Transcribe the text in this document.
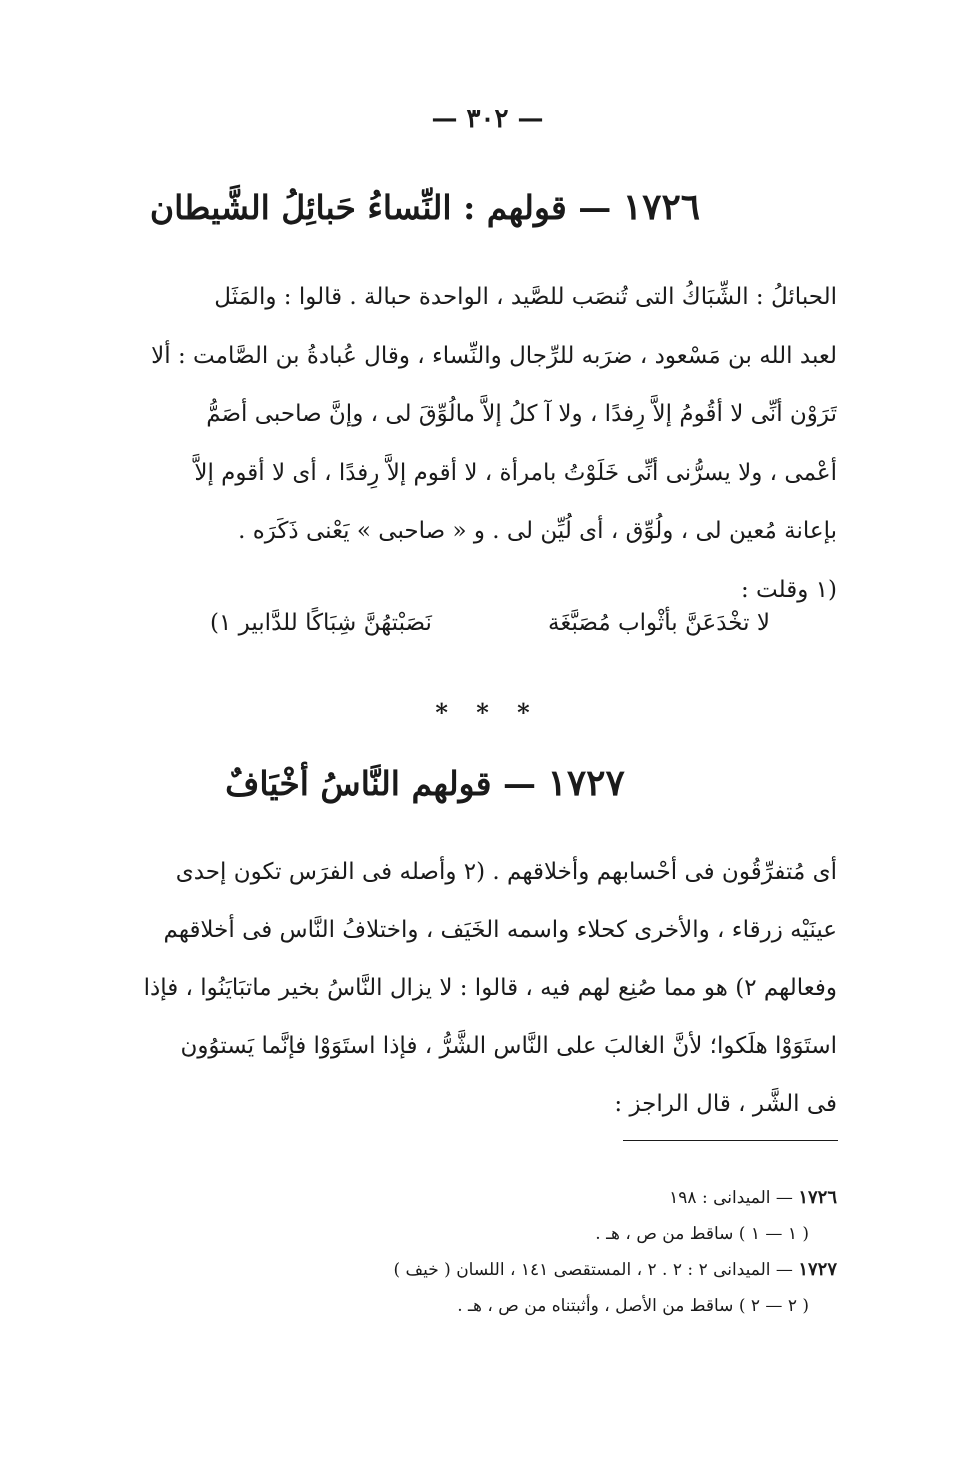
— ٣٠٢ —
١٧٢٦ — قولهم : النِّساءُ حَبائِلُ الشَّيطان
الحبائلُ : الشِّبَاكُ التى تُنصَب للصَّيد ، الواحدة حبالة . قالوا : والمَثَل
لعبد الله بن مَسْعود ، ضرَبه للرِّجال والنِّساء ، وقال عُبادةُ بن الصَّامت : ألا
تَرَوْن أنِّى لا أقُومُ إلاَّ رِفدًا ، ولا آ كلُ إلاَّ مالُوِّقَ لى ، وإنَّ صاحبى أصَمُّ
أعْمى ، ولا يسرُّنى أنِّى خَلَوْتُ بامرأة ، لا أقوم إلاَّ رِفدًا ، أى لا أقوم إلاَّ
بإعانة مُعين لى ، ولُوِّق ، أى لُيِّن لى . و « صاحبى » يَعْنى ذَكَرَه .
(١ وقلت :
لا تخْدَعَنَّ بأثْواب مُصَبَّغَة
نَصَبْتهُنَّ شِبَاكًا للدَّابير ١)
* * *
١٧٢٧ — قولهم النَّاسُ أخْيَافٌ
أى مُتفرِّقُون فى أحْسابهم وأخلاقهم . (٢ وأصله فى الفرَس تكون إحدى
عينَيْه زرقاء ، والأخرى كحلاء واسمه الخَيَف ، واختلافُ النَّاس فى أخلاقهم
وفعالهم ٢) هو مما صُنِع لهم فيه ، قالوا : لا يزال النَّاسُ بخير ماتبَايَنُوا ، فإذا
استَوَوْا هلَكوا؛ لأنَّ الغالبَ على النَّاس الشَّرُّ ، فإذا استَوَوْا فإنَّما يَستوُون
فى الشَّر ، قال الراجز :
١٧٢٦ — الميدانى : ١٩٨
( ١ — ١ ) ساقط من ص ، هـ .
١٧٢٧ — الميدانى ٢ : ٢ . ٢ ، المستقصى ١٤١ ، اللسان ( خيف )
( ٢ — ٢ ) ساقط من الأصل ، وأثبتناه من ص ، هـ .
